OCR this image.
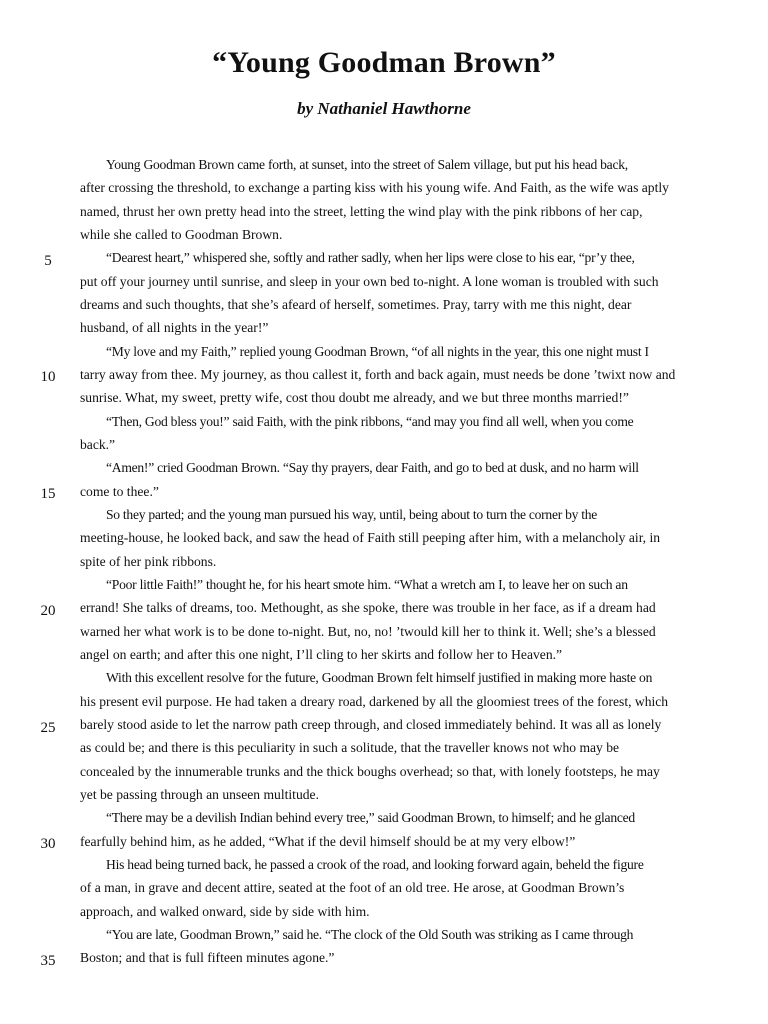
“Young Goodman Brown”
by Nathaniel Hawthorne
5
10
15
20
25
30
35
Young Goodman Brown came forth, at sunset, into the street of Salem village, but put his head back,
after crossing the threshold, to exchange a parting kiss with his young wife. And Faith, as the wife was aptly
named, thrust her own pretty head into the street, letting the wind play with the pink ribbons of her cap,
while she called to Goodman Brown.
“Dearest heart,” whispered she, softly and rather sadly, when her lips were close to his ear, “pr’y thee,
put off your journey until sunrise, and sleep in your own bed to-night. A lone woman is troubled with such
dreams and such thoughts, that she’s afeard of herself, sometimes. Pray, tarry with me this night, dear
husband, of all nights in the year!”
“My love and my Faith,” replied young Goodman Brown, “of all nights in the year, this one night must I
tarry away from thee. My journey, as thou callest it, forth and back again, must needs be done ’twixt now and
sunrise. What, my sweet, pretty wife, cost thou doubt me already, and we but three months married!”
“Then, God bless you!” said Faith, with the pink ribbons, “and may you find all well, when you come
back.”
“Amen!” cried Goodman Brown. “Say thy prayers, dear Faith, and go to bed at dusk, and no harm will
come to thee.”
So they parted; and the young man pursued his way, until, being about to turn the corner by the
meeting-house, he looked back, and saw the head of Faith still peeping after him, with a melancholy air, in
spite of her pink ribbons.
“Poor little Faith!” thought he, for his heart smote him. “What a wretch am I, to leave her on such an
errand! She talks of dreams, too. Methought, as she spoke, there was trouble in her face, as if a dream had
warned her what work is to be done to-night. But, no, no! ’twould kill her to think it. Well; she’s a blessed
angel on earth; and after this one night, I’ll cling to her skirts and follow her to Heaven.”
With this excellent resolve for the future, Goodman Brown felt himself justified in making more haste on
his present evil purpose. He had taken a dreary road, darkened by all the gloomiest trees of the forest, which
barely stood aside to let the narrow path creep through, and closed immediately behind. It was all as lonely
as could be; and there is this peculiarity in such a solitude, that the traveller knows not who may be
concealed by the innumerable trunks and the thick boughs overhead; so that, with lonely footsteps, he may
yet be passing through an unseen multitude.
“There may be a devilish Indian behind every tree,” said Goodman Brown, to himself; and he glanced
fearfully behind him, as he added, “What if the devil himself should be at my very elbow!”
His head being turned back, he passed a crook of the road, and looking forward again, beheld the figure
of a man, in grave and decent attire, seated at the foot of an old tree. He arose, at Goodman Brown’s
approach, and walked onward, side by side with him.
“You are late, Goodman Brown,” said he. “The clock of the Old South was striking as I came through
Boston; and that is full fifteen minutes agone.”
